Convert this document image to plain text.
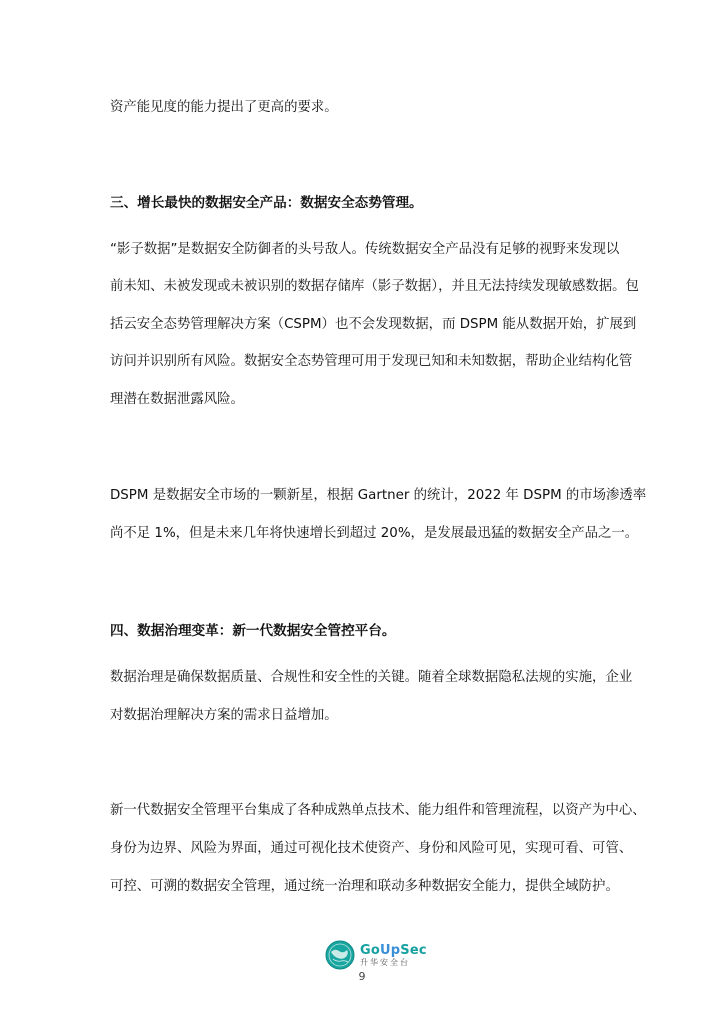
资产能见度的能力提出了更高的要求。
三、增长最快的数据安全产品：数据安全态势管理。
“影子数据”是数据安全防御者的头号敌人。传统数据安全产品没有足够的视野来发现以
前未知、未被发现或未被识别的数据存储库（影子数据），并且无法持续发现敏感数据。包
括云安全态势管理解决方案（CSPM）也不会发现数据，而 DSPM 能从数据开始，扩展到
访问并识别所有风险。数据安全态势管理可用于发现已知和未知数据，帮助企业结构化管
理潜在数据泄露风险。
DSPM 是数据安全市场的一颗新星，根据 Gartner 的统计，2022 年 DSPM 的市场渗透率
尚不足 1%，但是未来几年将快速增长到超过 20%，是发展最迅猛的数据安全产品之一。
四、数据治理变革：新一代数据安全管控平台。
数据治理是确保数据质量、合规性和安全性的关键。随着全球数据隐私法规的实施，企业
对数据治理解决方案的需求日益增加。
新一代数据安全管理平台集成了各种成熟单点技术、能力组件和管理流程，以资产为中心、
身份为边界、风险为界面，通过可视化技术使资产、身份和风险可见，实现可看、可管、
可控、可溯的数据安全管理，通过统一治理和联动多种数据安全能力，提供全域防护。
GoUpSec
升华安全台
9
